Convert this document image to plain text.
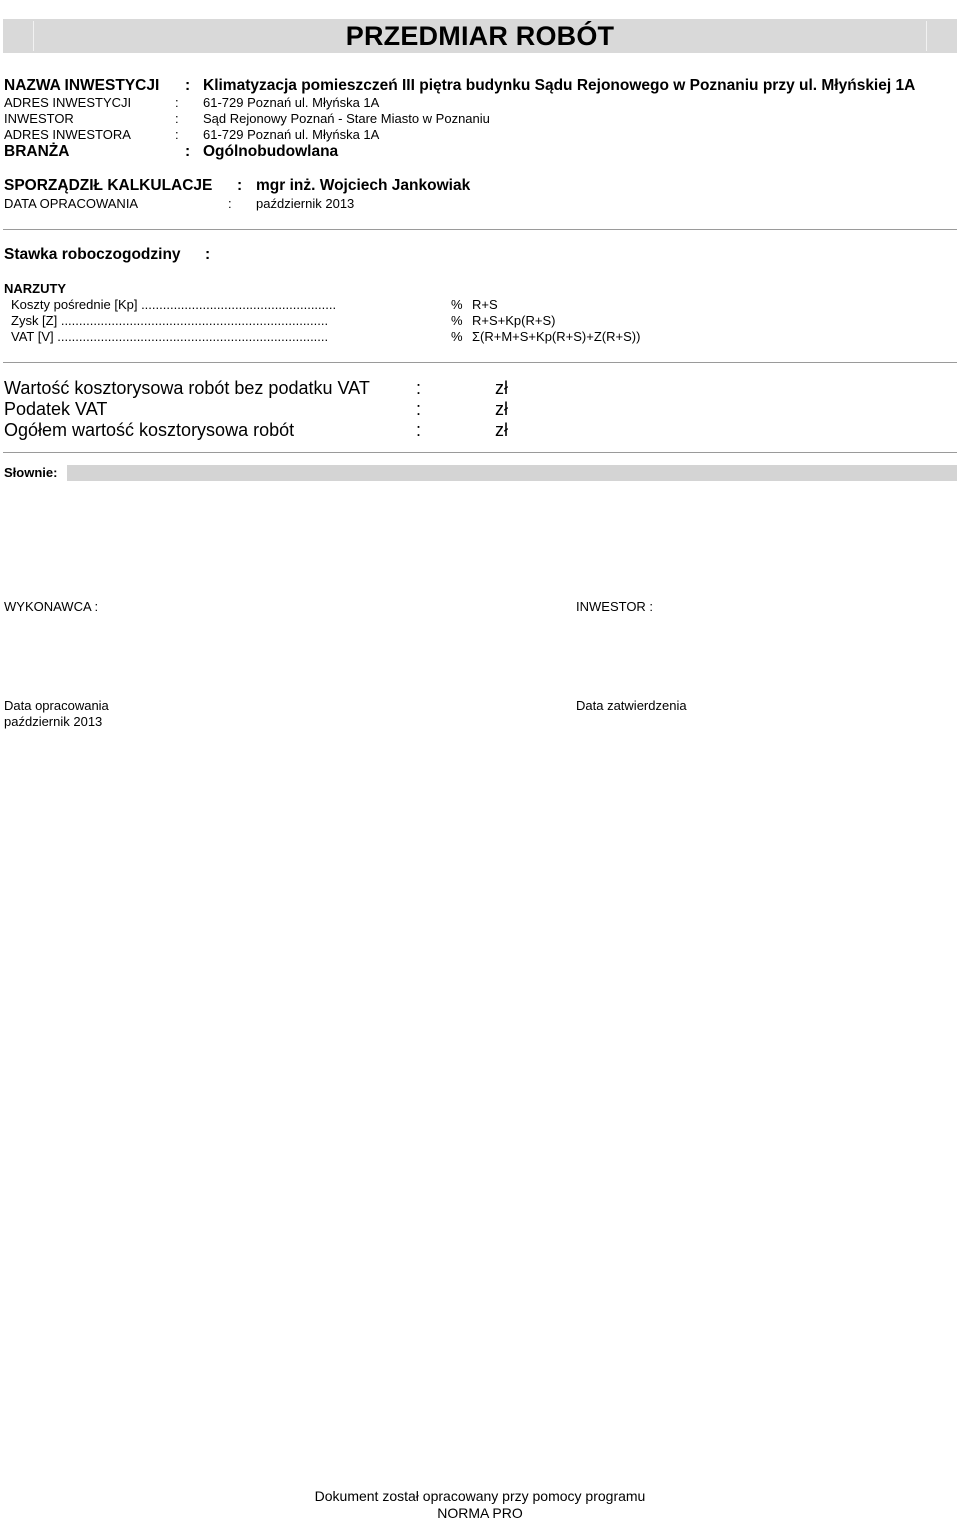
PRZEDMIAR ROBÓT
NAZWA INWESTYCJI : Klimatyzacja pomieszczeń III piętra budynku Sądu Rejonowego w Poznaniu przy ul. Młyńskiej 1A
ADRES INWESTYCJI	: 61-729 Poznań ul. Młyńska 1A
INWESTOR	: Sąd Rejonowy Poznań - Stare Miasto w Poznaniu
ADRES INWESTORA	: 61-729 Poznań ul. Młyńska 1A
BRANŻA	: Ogólnobudowlana
SPORZĄDZIŁ KALKULACJE : mgr inż. Wojciech Jankowiak
DATA OPRACOWANIA	: październik 2013
Stawka roboczogodziny :
NARZUTY
Koszty pośrednie [Kp] ......................................................	% R+S
Zysk [Z] ..........................................................................	% R+S+Kp(R+S)
VAT [V] ...........................................................................	% Σ(R+M+S+Kp(R+S)+Z(R+S))
Wartość kosztorysowa robót bez podatku VAT	:	zł
Podatek VAT	:	zł
Ogółem wartość kosztorysowa robót	:	zł
Słownie:
WYKONAWCA :	INWESTOR :
Data opracowania
październik 2013
Data zatwierdzenia
Dokument został opracowany przy pomocy programu
NORMA PRO
